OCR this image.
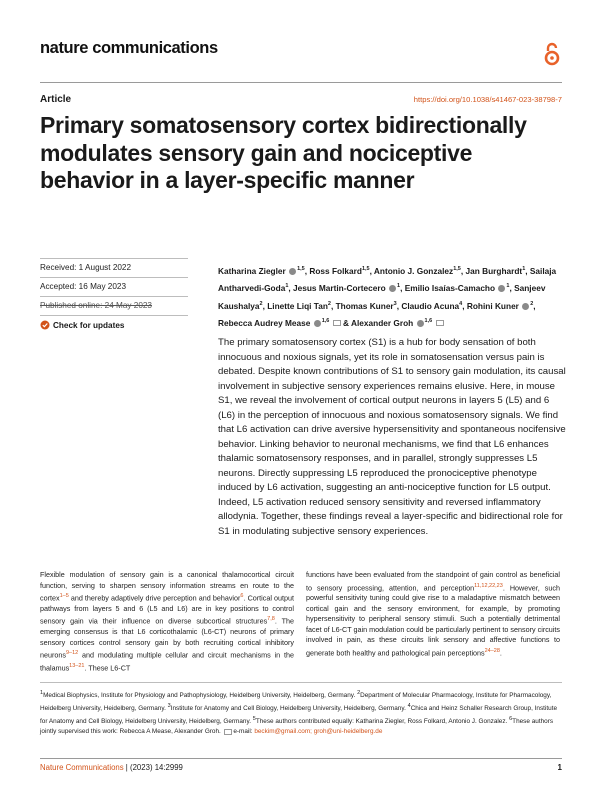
nature communications
Article	https://doi.org/10.1038/s41467-023-38798-7
Primary somatosensory cortex bidirectionally modulates sensory gain and nociceptive behavior in a layer-specific manner
Received: 1 August 2022
Accepted: 16 May 2023
Published online: 24 May 2023
Check for updates
Katharina Ziegler $^{1,5}$, Ross Folkard$^{1,5}$, Antonio J. Gonzalez$^{1,5}$, Jan Burghardt$^1$, Sailaja Antharvedi-Goda$^1$, Jesus Martin-Cortecero $^1$, Emilio Isaías-Camacho $^1$, Sanjeev Kaushalya$^2$, Linette Liqi Tan$^2$, Thomas Kuner$^3$, Claudio Acuna$^4$, Rohini Kuner $^2$, Rebecca Audrey Mease $^{1,6}$ & Alexander Groh $^{1,6}$
The primary somatosensory cortex (S1) is a hub for body sensation of both innocuous and noxious signals, yet its role in somatosensation versus pain is debated. Despite known contributions of S1 to sensory gain modulation, its causal involvement in subjective sensory experiences remains elusive. Here, in mouse S1, we reveal the involvement of cortical output neurons in layers 5 (L5) and 6 (L6) in the perception of innocuous and noxious somatosensory signals. We find that L6 activation can drive aversive hypersensitivity and spontaneous nocifensive behavior. Linking behavior to neuronal mechanisms, we find that L6 enhances thalamic somatosensory responses, and in parallel, strongly suppresses L5 neurons. Directly suppressing L5 reproduced the pronociceptive phenotype induced by L6 activation, suggesting an anti-nociceptive function for L5 output. Indeed, L5 activation reduced sensory sensitivity and reversed inflammatory allodynia. Together, these findings reveal a layer-specific and bidirectional role for S1 in modulating subjective sensory experiences.
Flexible modulation of sensory gain is a canonical thalamocortical circuit function, serving to sharpen sensory information streams en route to the cortex$^{1-5}$ and thereby adaptively drive perception and behavior$^6$. Cortical output pathways from layers 5 and 6 (L5 and L6) are in key positions to control sensory gain via their influence on diverse subcortical structures$^{7,8}$. The emerging consensus is that L6 corticothalamic (L6-CT) neurons of primary sensory cortices control sensory gain by both recruiting cortical inhibitory neurons$^{9-12}$ and modulating multiple cellular and circuit mechanisms in the thalamus$^{13-21}$. These L6-CT
functions have been evaluated from the standpoint of gain control as beneficial to sensory processing, attention, and perception$^{11,12,22,23}$. However, such powerful sensitivity tuning could give rise to a maladaptive mismatch between cortical gain and the sensory environment, for example, by promoting hypersensitivity to peripheral sensory stimuli. Such a potentially detrimental facet of L6-CT gain modulation could be particularly pertinent to sensory circuits involved in pain, as these circuits link sensory and affective functions to generate both healthy and pathological pain perceptions$^{24-28}$.
$^1$Medical Biophysics, Institute for Physiology and Pathophysiology, Heidelberg University, Heidelberg, Germany. $^2$Department of Molecular Pharmacology, Institute for Pharmacology, Heidelberg University, Heidelberg, Germany. $^3$Institute for Anatomy and Cell Biology, Heidelberg University, Heidelberg, Germany. $^4$Chica and Heinz Schaller Research Group, Institute for Anatomy and Cell Biology, Heidelberg University, Heidelberg, Germany. $^5$These authors contributed equally: Katharina Ziegler, Ross Folkard, Antonio J. Gonzalez. $^6$These authors jointly supervised this work: Rebecca A Mease, Alexander Groh.  e-mail: beckim@gmail.com; groh@uni-heidelberg.de
Nature Communications | (2023) 14:2999	1
